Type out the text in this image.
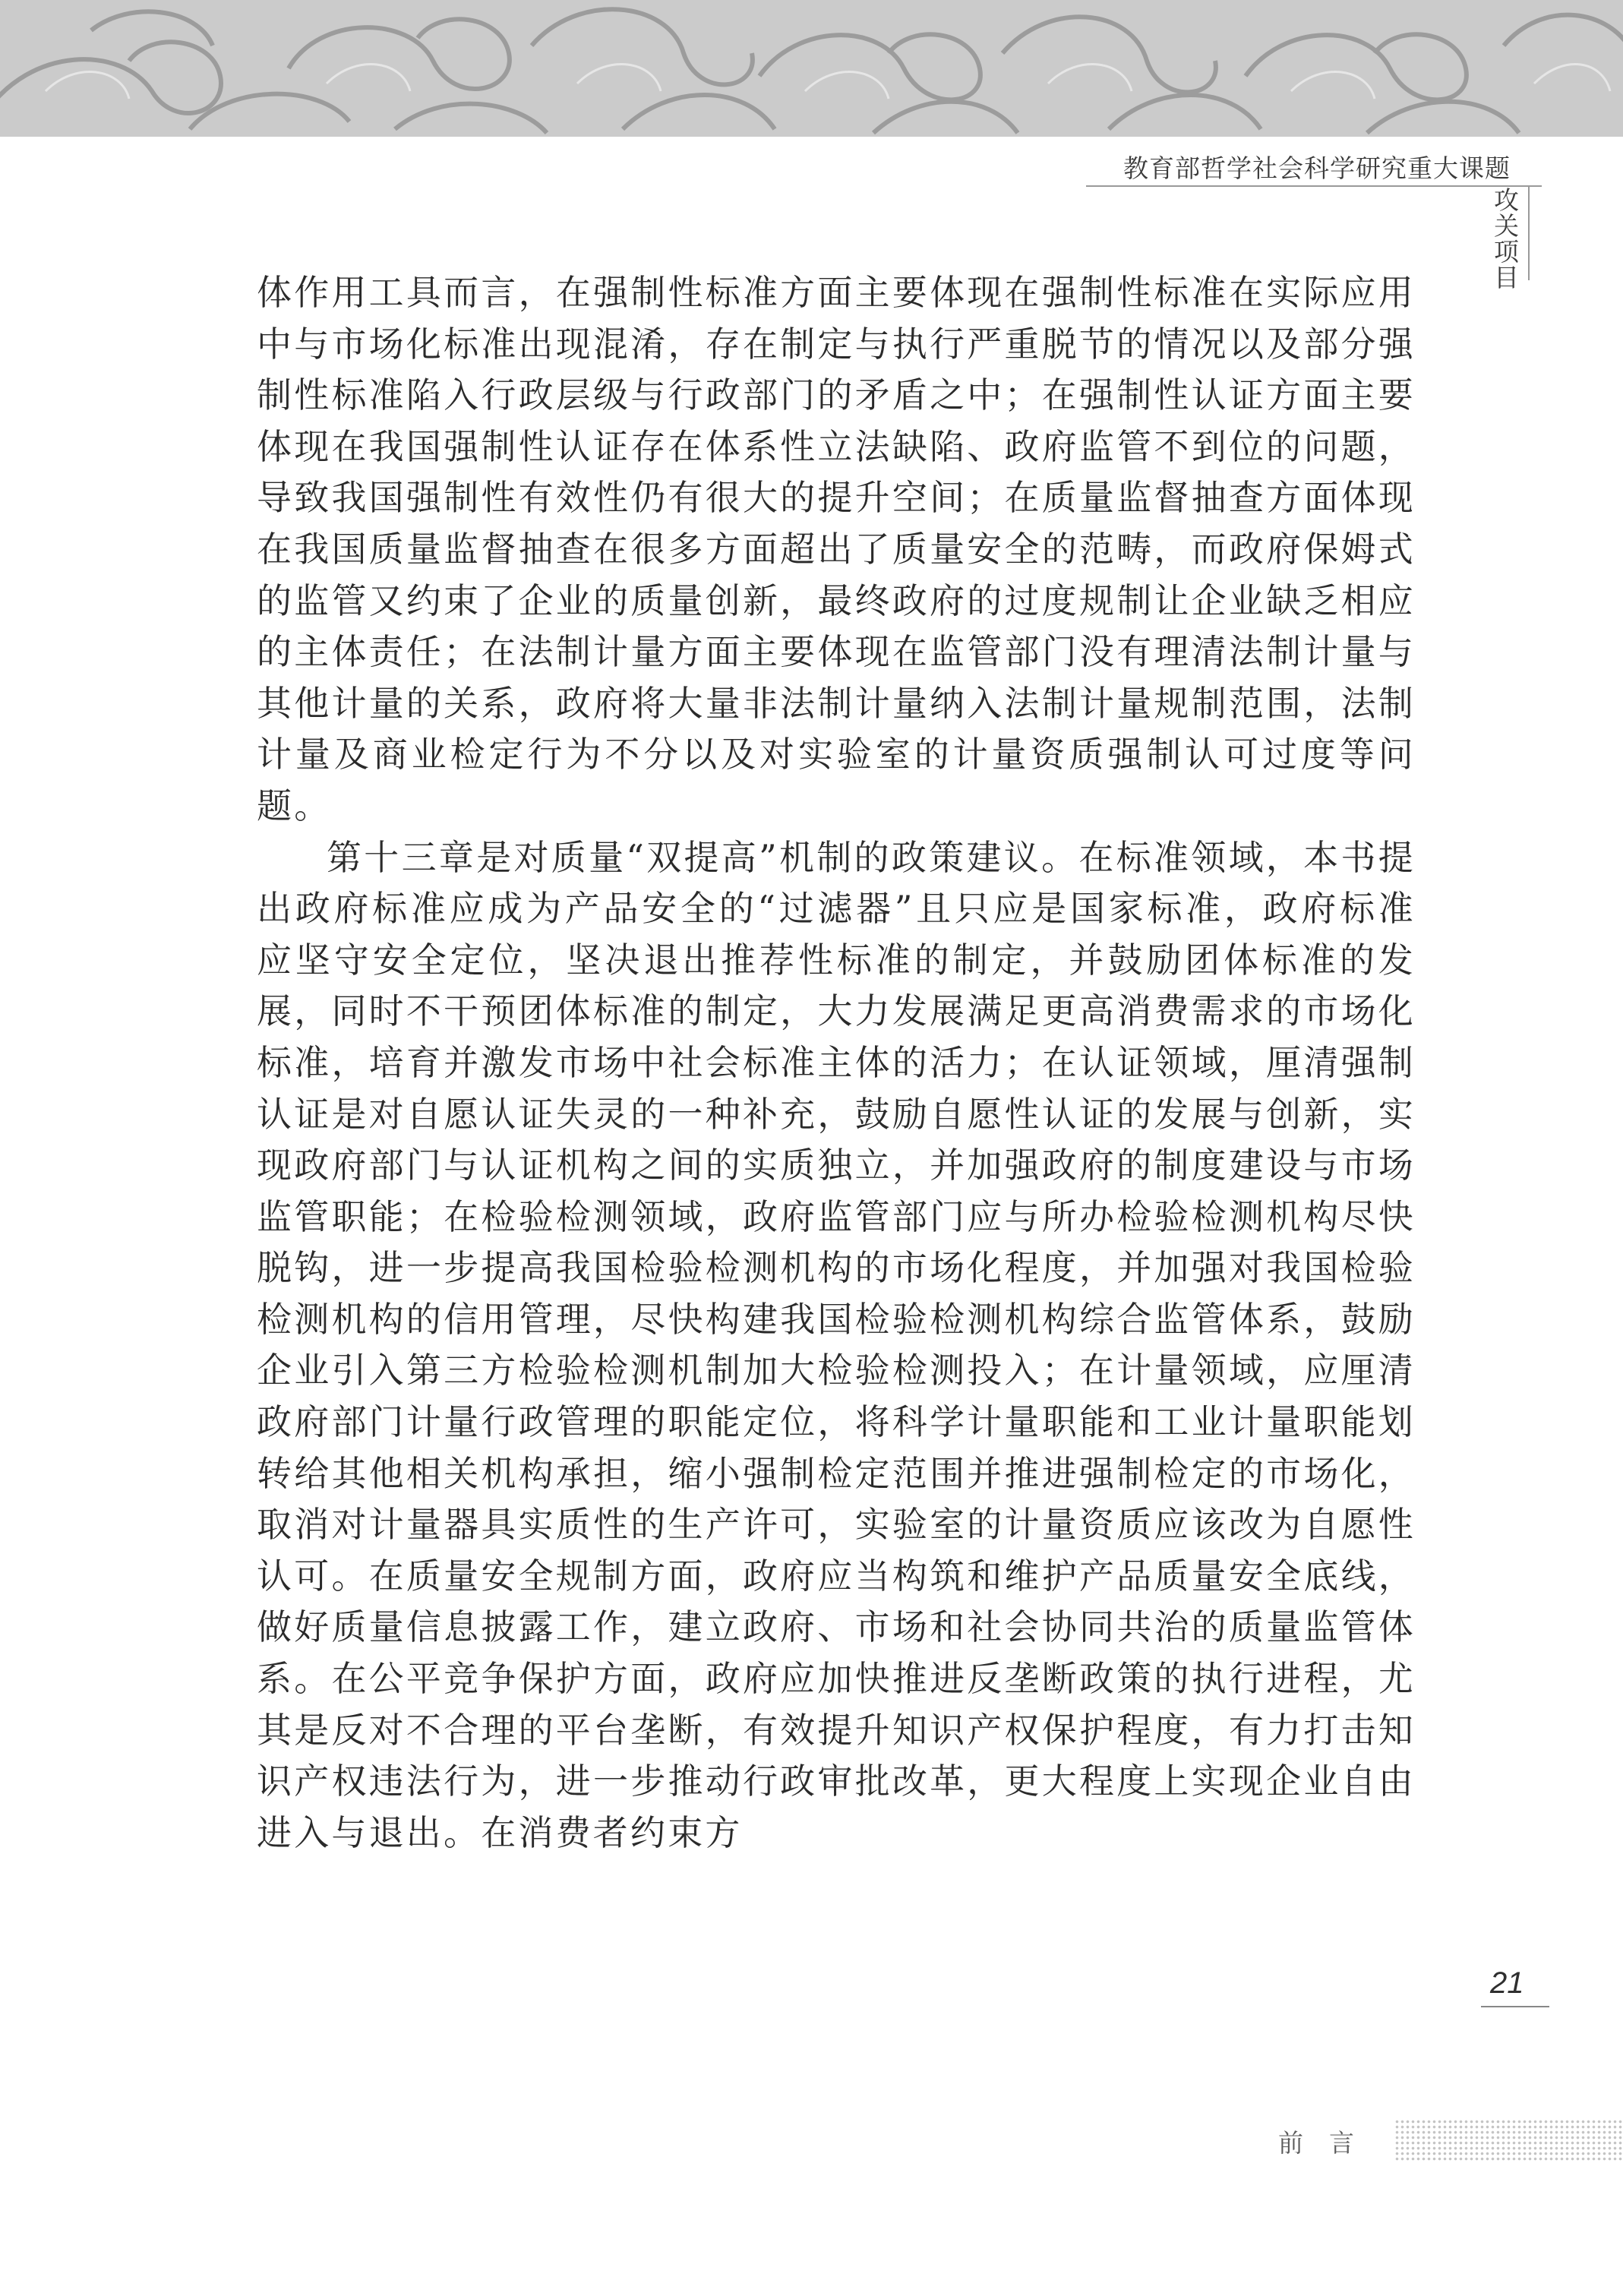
教育部哲学社会科学研究重大课题
攻关项目

体作用工具而言，在强制性标准方面主要体现在强制性标准在实际应用中与市场化标准出现混淆，存在制定与执行严重脱节的情况以及部分强制性标准陷入行政层级与行政部门的矛盾之中；在强制性认证方面主要体现在我国强制性认证存在体系性立法缺陷、政府监管不到位的问题，导致我国强制性有效性仍有很大的提升空间；在质量监督抽查方面体现在我国质量监督抽查在很多方面超出了质量安全的范畴，而政府保姆式的监管又约束了企业的质量创新，最终政府的过度规制让企业缺乏相应的主体责任；在法制计量方面主要体现在监管部门没有理清法制计量与其他计量的关系，政府将大量非法制计量纳入法制计量规制范围，法制计量及商业检定行为不分以及对实验室的计量资质强制认可过度等问题。

第十三章是对质量“双提高”机制的政策建议。在标准领域，本书提出政府标准应成为产品安全的“过滤器”且只应是国家标准，政府标准应坚守安全定位，坚决退出推荐性标准的制定，并鼓励团体标准的发展，同时不干预团体标准的制定，大力发展满足更高消费需求的市场化标准，培育并激发市场中社会标准主体的活力；在认证领域，厘清强制认证是对自愿认证失灵的一种补充，鼓励自愿性认证的发展与创新，实现政府部门与认证机构之间的实质独立，并加强政府的制度建设与市场监管职能；在检验检测领域，政府监管部门应与所办检验检测机构尽快脱钩，进一步提高我国检验检测机构的市场化程度，并加强对我国检验检测机构的信用管理，尽快构建我国检验检测机构综合监管体系，鼓励企业引入第三方检验检测机制加大检验检测投入；在计量领域，应厘清政府部门计量行政管理的职能定位，将科学计量职能和工业计量职能划转给其他相关机构承担，缩小强制检定范围并推进强制检定的市场化，取消对计量器具实质性的生产许可，实验室的计量资质应该改为自愿性认可。在质量安全规制方面，政府应当构筑和维护产品质量安全底线，做好质量信息披露工作，建立政府、市场和社会协同共治的质量监管体系。在公平竞争保护方面，政府应加快推进反垄断政策的执行进程，尤其是反对不合理的平台垄断，有效提升知识产权保护程度，有力打击知识产权违法行为，进一步推动行政审批改革，更大程度上实现企业自由进入与退出。在消费者约束方

21
前言
